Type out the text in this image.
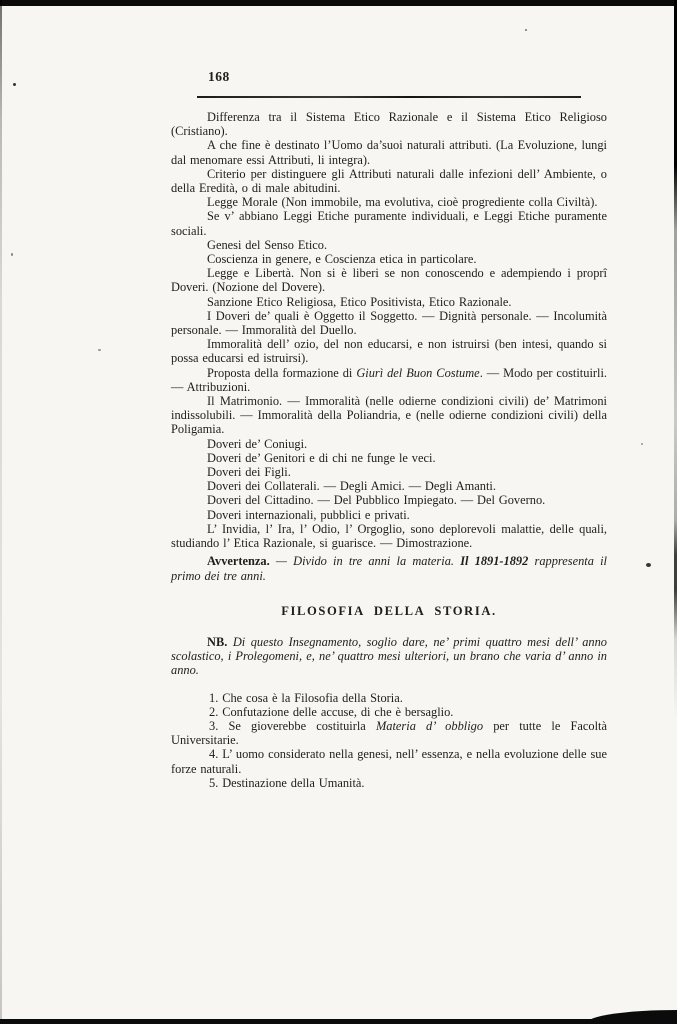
168

Differenza tra il Sistema Etico Razionale e il Sistema Etico Religioso (Cristiano).

A che fine è destinato l’Uomo da’suoi naturali attributi. (La Evoluzione, lungi dal menomare essi Attributi, li integra).

Criterio per distinguere gli Attributi naturali dalle infezioni dell’ Ambiente, o della Eredità, o di male abitudini.

Legge Morale (Non immobile, ma evolutiva, cioè progrediente colla Civiltà).

Se v’ abbiano Leggi Etiche puramente individuali, e Leggi Etiche puramente sociali.

Genesi del Senso Etico.

Coscienza in genere, e Coscienza etica in particolare.

Legge e Libertà. Non si è liberi se non conoscendo e adempiendo i proprî Doveri. (Nozione del Dovere).

Sanzione Etico Religiosa, Etico Positivista, Etico Razionale.

I Doveri de’ quali è Oggetto il Soggetto. — Dignità personale. — Incolumità personale. — Immoralità del Duello.

Immoralità dell’ ozio, del non educarsi, e non istruirsi (ben intesi, quando si possa educarsi ed istruirsi).

Proposta della formazione di Giurì del Buon Costume. — Modo per costituirli. — Attribuzioni.

Il Matrimonio. — Immoralità (nelle odierne condizioni civili) de’ Matrimoni indissolubili. — Immoralità della Poliandria, e (nelle odierne condizioni civili) della Poligamia.

Doveri de’ Coniugi.

Doveri de’ Genitori e di chi ne funge le veci.

Doveri dei Figli.

Doveri dei Collaterali. — Degli Amici. — Degli Amanti.

Doveri del Cittadino. — Del Pubblico Impiegato. — Del Governo.

Doveri internazionali, pubblici e privati.

L’ Invidia, l’ Ira, l’ Odio, l’ Orgoglio, sono deplorevoli malattie, delle quali, studiando l’ Etica Razionale, si guarisce. — Dimostrazione.

Avvertenza. — Divido in tre anni la materia. Il 1891-1892 rappresenta il primo dei tre anni.

FILOSOFIA DELLA STORIA.

NB. Di questo Insegnamento, soglio dare, ne’ primi quattro mesi dell’ anno scolastico, i Prolegomeni, e, ne’ quattro mesi ulteriori, un brano che varia d’ anno in anno.

1. Che cosa è la Filosofia della Storia.

2. Confutazione delle accuse, di che è bersaglio.

3. Se gioverebbe costituirla Materia d’ obbligo per tutte le Facoltà Universitarie.

4. L’ uomo considerato nella genesi, nell’ essenza, e nella evoluzione delle sue forze naturali.

5. Destinazione della Umanità.
